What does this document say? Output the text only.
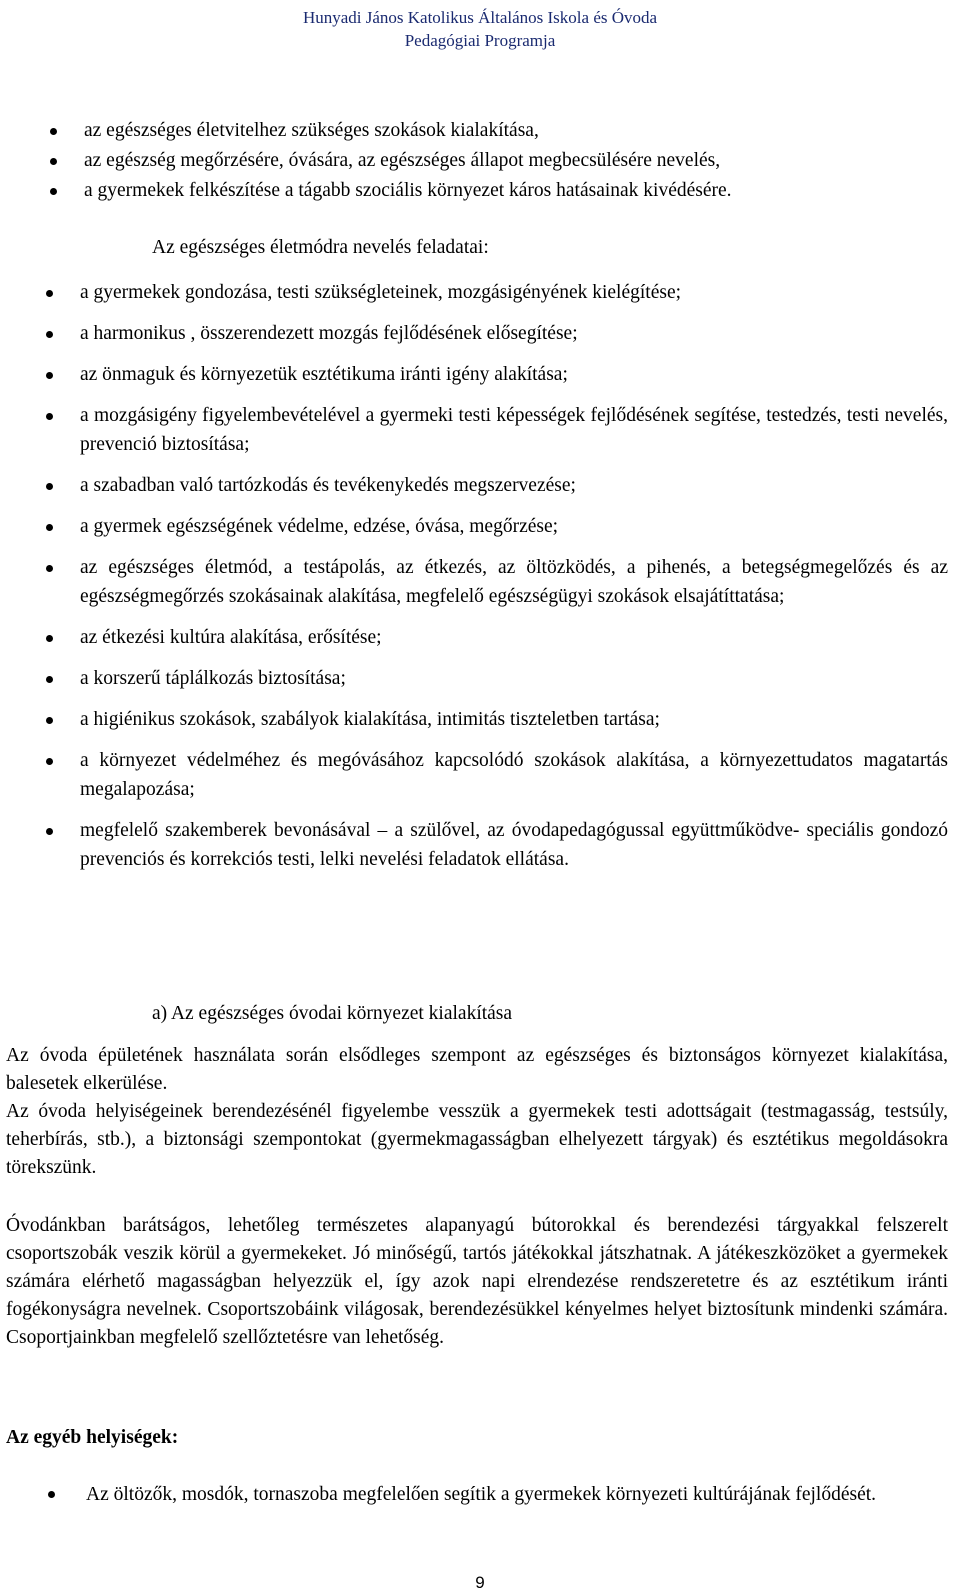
Hunyadi János Katolikus Általános Iskola és Óvoda
Pedagógiai Programja
az egészséges életvitelhez szükséges szokások kialakítása,
az egészség megőrzésére, óvására, az egészséges állapot megbecsülésére nevelés,
a gyermekek felkészítése a tágabb szociális környezet káros hatásainak kivédésére.
Az egészséges életmódra nevelés feladatai:
a gyermekek gondozása, testi szükségleteinek, mozgásigényének kielégítése;
a harmonikus , összerendezett mozgás fejlődésének elősegítése;
az önmaguk és környezetük esztétikuma iránti igény alakítása;
a mozgásigény figyelembevételével a gyermeki testi képességek fejlődésének segítése, testedzés, testi nevelés, prevenció biztosítása;
a szabadban való tartózkodás és tevékenykedés megszervezése;
a gyermek egészségének védelme, edzése, óvása, megőrzése;
az egészséges életmód, a testápolás, az étkezés, az öltözködés, a pihenés, a betegségmegelőzés és az egészségmegőrzés szokásainak alakítása, megfelelő egészségügyi szokások elsajátíttatása;
az étkezési kultúra alakítása, erősítése;
a korszerű táplálkozás biztosítása;
a higiénikus szokások, szabályok kialakítása, intimitás tiszteletben tartása;
a környezet védelméhez és megóvásához kapcsolódó szokások alakítása, a környezettudatos magatartás megalapozása;
megfelelő szakemberek bevonásával – a szülővel, az óvodapedagógussal együttműködve- speciális gondozó prevenciós és korrekciós testi, lelki nevelési feladatok ellátása.
a) Az egészséges óvodai környezet kialakítása
Az óvoda épületének használata során elsődleges szempont az egészséges és biztonságos környezet kialakítása, balesetek elkerülése.
Az óvoda helyiségeinek berendezésénél figyelembe vesszük a gyermekek testi adottságait (testmagasság, testsúly, teherbírás, stb.), a biztonsági szempontokat (gyermekmagasságban elhelyezett tárgyak) és esztétikus megoldásokra törekszünk.
Óvodánkban barátságos, lehetőleg természetes alapanyagú bútorokkal és berendezési tárgyakkal felszerelt csoportszobák veszik körül a gyermekeket. Jó minőségű, tartós játékokkal játszhatnak. A játékeszközöket a gyermekek számára elérhető magasságban helyezzük el, így azok napi elrendezése rendszeretetre és az esztétikum iránti fogékonyságra nevelnek. Csoportszobáink világosak, berendezésükkel kényelmes helyet biztosítunk mindenki számára. Csoportjainkban megfelelő szellőztetésre van lehetőség.
Az egyéb helyiségek:
Az öltözők, mosdók, tornaszoba megfelelően segítik a gyermekek környezeti kultúrájának fejlődését.
9
